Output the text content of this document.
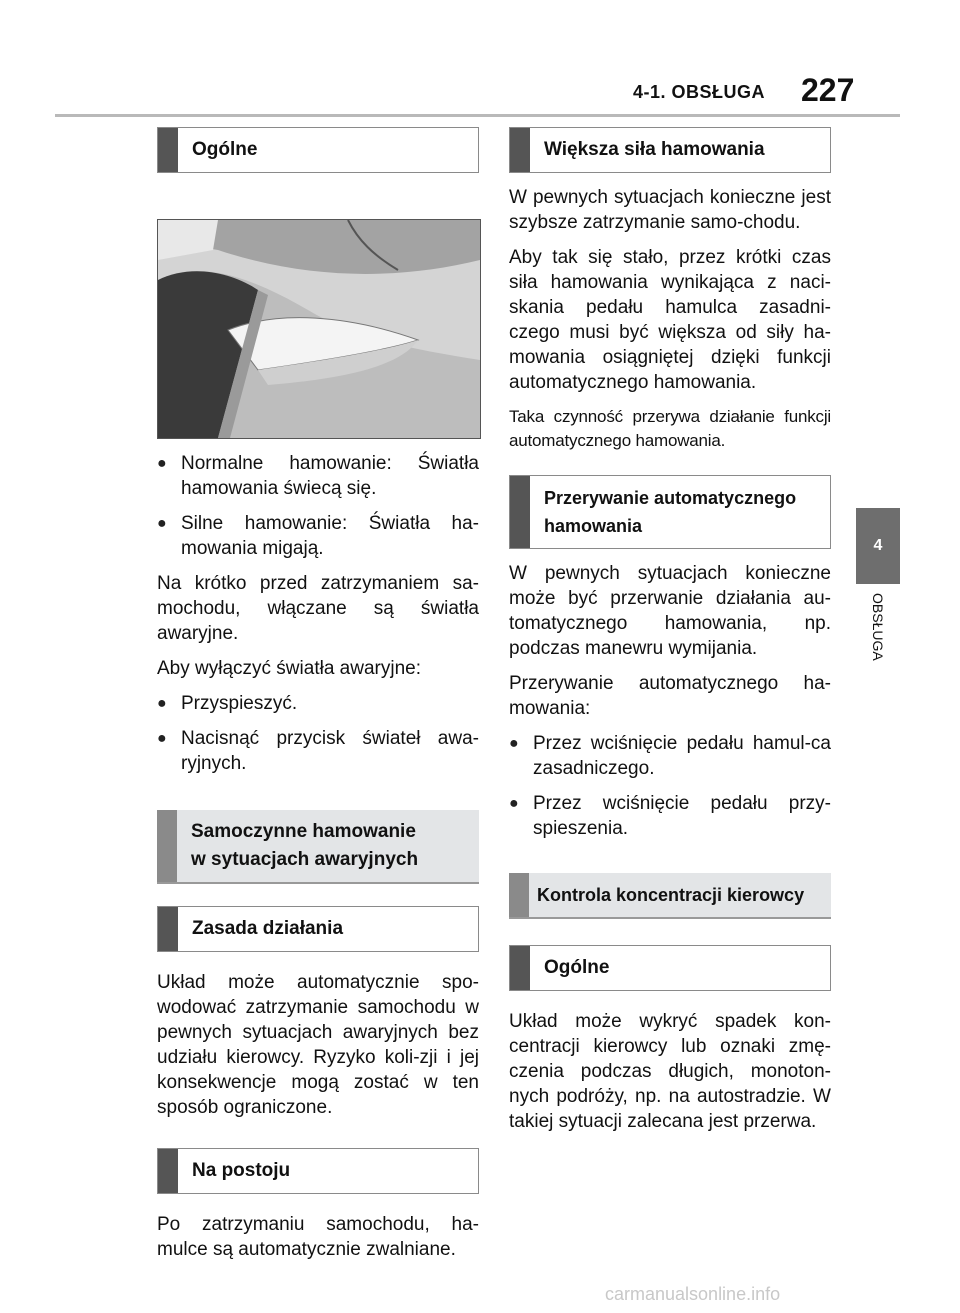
4-1. OBSŁUGA 227
4
OBSŁUGA
Ogólne
● Normalne hamowanie: Światła hamowania świecą się.
● Silne hamowanie: Światła ha-mowania migają.

Na krótko przed zatrzymaniem sa-mochodu, włączane są światła awaryjne.

Aby wyłączyć światła awaryjne:

● Przyspieszyć.
● Nacisnąć przycisk świateł awa-ryjnych.
Samoczynne hamowanie
w sytuacjach awaryjnych
Zasada działania

Układ może automatycznie spo-wodować zatrzymanie samochodu w pewnych sytuacjach awaryjnych bez udziału kierowcy. Ryzyko koli-zji i jej konsekwencje mogą zostać w ten sposób ograniczone.

Na postoju

Po zatrzymaniu samochodu, ha-mulce są automatycznie zwalniane.

Większa siła hamowania

W pewnych sytuacjach konieczne jest szybsze zatrzymanie samo-chodu.

Aby tak się stało, przez krótki czas siła hamowania wynikająca z naci-skania pedału hamulca zasadni-czego musi być większa od siły ha-mowania osiągniętej dzięki funkcji automatycznego hamowania.

Taka czynność przerywa działanie funkcji automatycznego hamowania.

Przerywanie automatycznego
hamowania

W pewnych sytuacjach konieczne może być przerwanie działania au-tomatycznego hamowania, np. podczas manewru wymijania.

Przerywanie automatycznego ha-mowania:

● Przez wciśnięcie pedału hamul-ca zasadniczego.
● Przez wciśnięcie pedału przy-spieszenia.
Kontrola koncentracji kierowcy
Ogólne

Układ może wykryć spadek kon-centracji kierowcy lub oznaki zmę-czenia podczas długich, monoton-nych podróży, np. na autostradzie. W takiej sytuacji zalecana jest przerwa.

carmanualsonline.info
